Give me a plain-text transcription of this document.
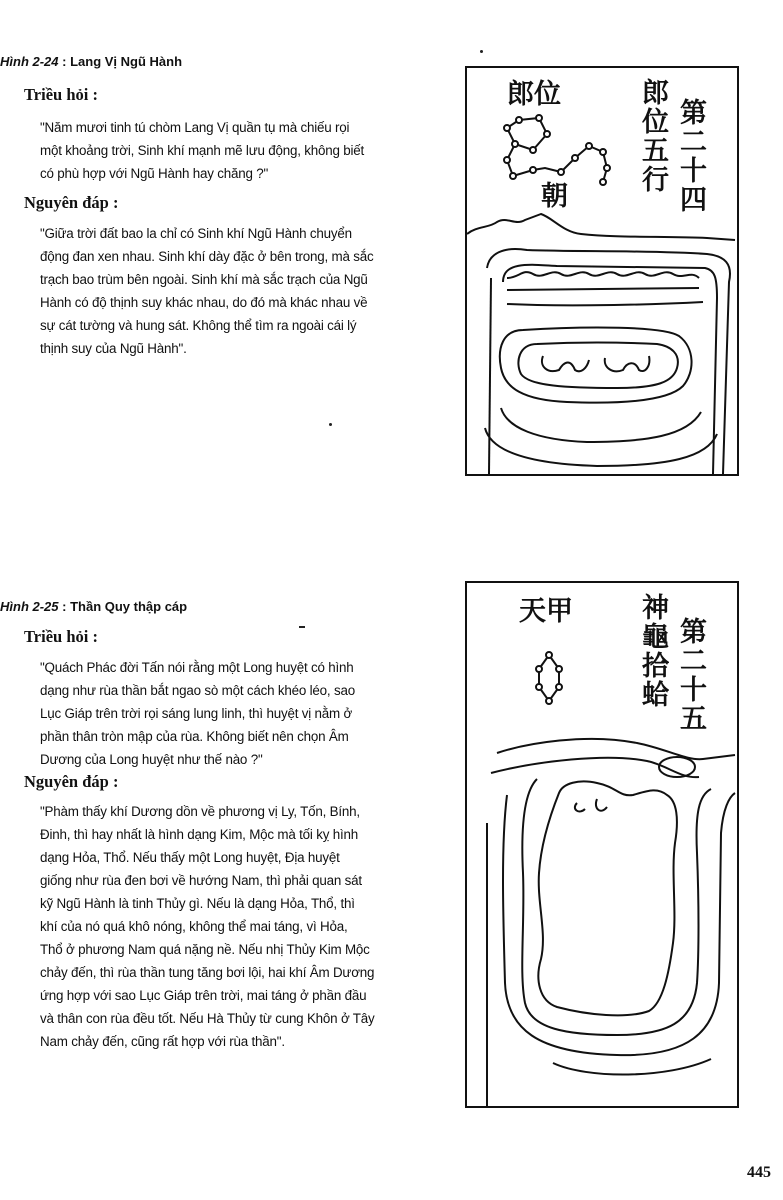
Hình 2-24 : Lang Vị Ngũ Hành
Triều hỏi :
"Năm mươi tinh tú chòm Lang Vị quần tụ mà chiếu rọi
một khoảng trời, Sinh khí mạnh mẽ lưu động, không biết
có phù hợp với Ngũ Hành hay chăng ?"
Nguyên đáp :
"Giữa trời đất bao la chỉ có Sinh khí Ngũ Hành chuyển
động đan xen nhau. Sinh khí dày đặc ở bên trong, mà sắc
trạch bao trùm bên ngoài. Sinh khí mà sắc trạch của Ngũ
Hành có độ thịnh suy khác nhau, do đó mà khác nhau về
sự cát tường và hung sát. Không thể tìm ra ngoài cái lý
thịnh suy của Ngũ Hành".
第二十四
郎位五行
郎位
朝
Hình 2-25 : Thần Quy thập cáp
Triều hỏi :
"Quách Phác đời Tấn nói rằng một Long huyệt có hình
dạng như rùa thần bắt ngao sò một cách khéo léo, sao
Lục Giáp trên trời rọi sáng lung linh, thì huyệt vị nằm ở
phần thân tròn mập của rùa. Không biết nên chọn Âm
Dương của Long huyệt như thế nào ?"
Nguyên đáp :
"Phàm thấy khí Dương dồn về phương vị Ly, Tốn, Bính,
Đinh, thì hay nhất là hình dạng Kim, Mộc mà tối kỵ hình
dạng Hỏa, Thổ. Nếu thấy một Long huyệt, Địa huyệt
giống như rùa đen bơi về hướng Nam, thì phải quan sát
kỹ Ngũ Hành là tinh Thủy gì. Nếu là dạng Hỏa, Thổ, thì
khí của nó quá khô nóng, không thể mai táng, vì Hỏa,
Thổ ở phương Nam quá nặng nề. Nếu nhị Thủy Kim Mộc
chảy đến, thì rùa thần tung tăng bơi lội, hai khí Âm Dương
ứng hợp với sao Lục Giáp trên trời, mai táng ở phần đầu
và thân con rùa đều tốt. Nếu Hà Thủy từ cung Khôn ở Tây
Nam chảy đến, cũng rất hợp với rùa thần".
第二十五
神龜拾蛤
天甲
445
